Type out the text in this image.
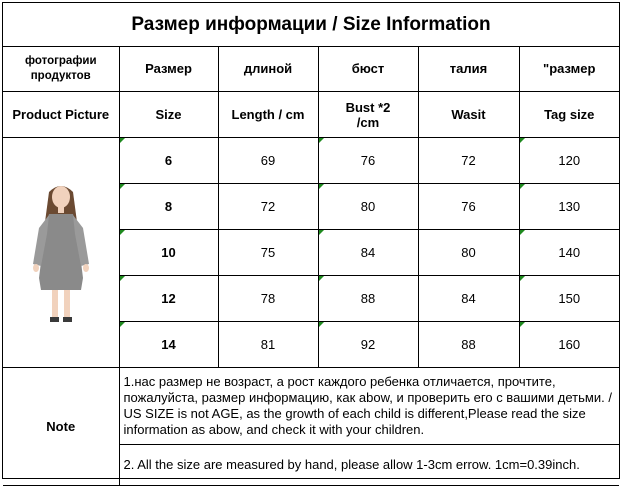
Размер информации / Size Information
фотографии продуктов	Размер	длиной	бюст	талия	"размер
Product Picture	Size	Length / cm	Bust *2 /cm	Wasit	Tag size

	6	69	76	72	120
	8	72	80	76	130
	10	75	84	80	140
	12	78	88	84	150
	14	81	92	88	160
Note	1.нас размер не возраст, а рост каждого ребенка отличается, прочтите, пожалуйста, размер информацию, как abow, и проверить его с вашими детьми. / US SIZE is not AGE, as the growth of each child is different,Please read the size information as abow, and check it with your children.				
	2. All the size are measured by hand, please allow 1-3cm errow. 1cm=0.39inch.				
